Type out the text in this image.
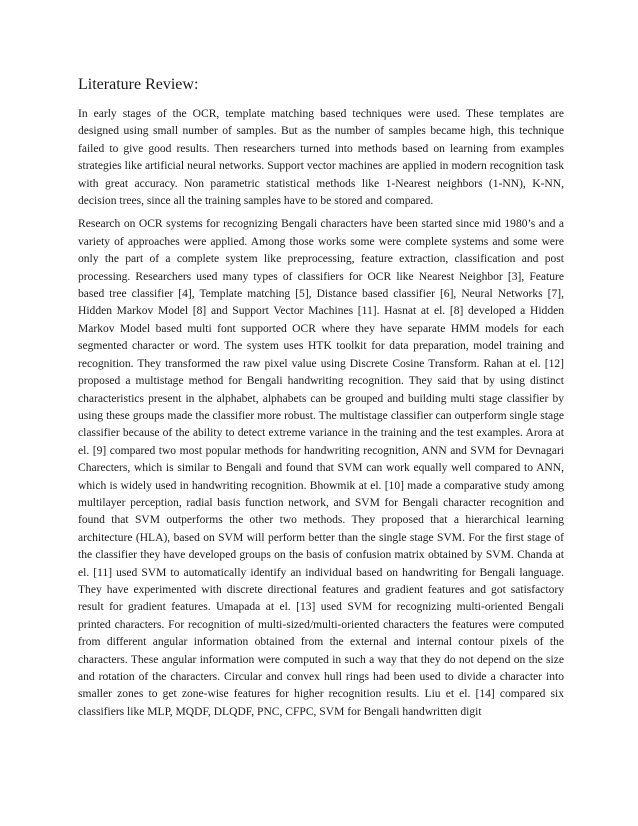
Literature Review:

In early stages of the OCR, template matching based techniques were used. These templates are designed using small number of samples. But as the number of samples became high, this technique failed to give good results. Then researchers turned into methods based on learning from examples strategies like artificial neural networks. Support vector machines are applied in modern recognition task with great accuracy. Non parametric statistical methods like 1-Nearest neighbors (1-NN), K-NN, decision trees, since all the training samples have to be stored and compared.

Research on OCR systems for recognizing Bengali characters have been started since mid 1980’s and a variety of approaches were applied. Among those works some were complete systems and some were only the part of a complete system like preprocessing, feature extraction, classification and post processing. Researchers used many types of classifiers for OCR like Nearest Neighbor [3], Feature based tree classifier [4], Template matching [5], Distance based classifier [6], Neural Networks [7], Hidden Markov Model [8] and Support Vector Machines [11]. Hasnat at el. [8] developed a Hidden Markov Model based multi font supported OCR where they have separate HMM models for each segmented character or word. The system uses HTK toolkit for data preparation, model training and recognition. They transformed the raw pixel value using Discrete Cosine Transform. Rahan at el. [12] proposed a multistage method for Bengali handwriting recognition. They said that by using distinct characteristics present in the alphabet, alphabets can be grouped and building multi stage classifier by using these groups made the classifier more robust. The multistage classifier can outperform single stage classifier because of the ability to detect extreme variance in the training and the test examples. Arora at el. [9] compared two most popular methods for handwriting recognition, ANN and SVM for Devnagari Charecters, which is similar to Bengali and found that SVM can work equally well compared to ANN, which is widely used in handwriting recognition. Bhowmik at el. [10] made a comparative study among multilayer perception, radial basis function network, and SVM for Bengali character recognition and found that SVM outperforms the other two methods. They proposed that a hierarchical learning architecture (HLA), based on SVM will perform better than the single stage SVM. For the first stage of the classifier they have developed groups on the basis of confusion matrix obtained by SVM. Chanda at el. [11] used SVM to automatically identify an individual based on handwriting for Bengali language. They have experimented with discrete directional features and gradient features and got satisfactory result for gradient features. Umapada at el. [13] used SVM for recognizing multi-oriented Bengali printed characters. For recognition of multi-sized/multi-oriented characters the features were computed from different angular information obtained from the external and internal contour pixels of the characters. These angular information were computed in such a way that they do not depend on the size and rotation of the characters. Circular and convex hull rings had been used to divide a character into smaller zones to get zone-wise features for higher recognition results. Liu et el. [14] compared six classifiers like MLP, MQDF, DLQDF, PNC, CFPC, SVM for Bengali handwritten digit
